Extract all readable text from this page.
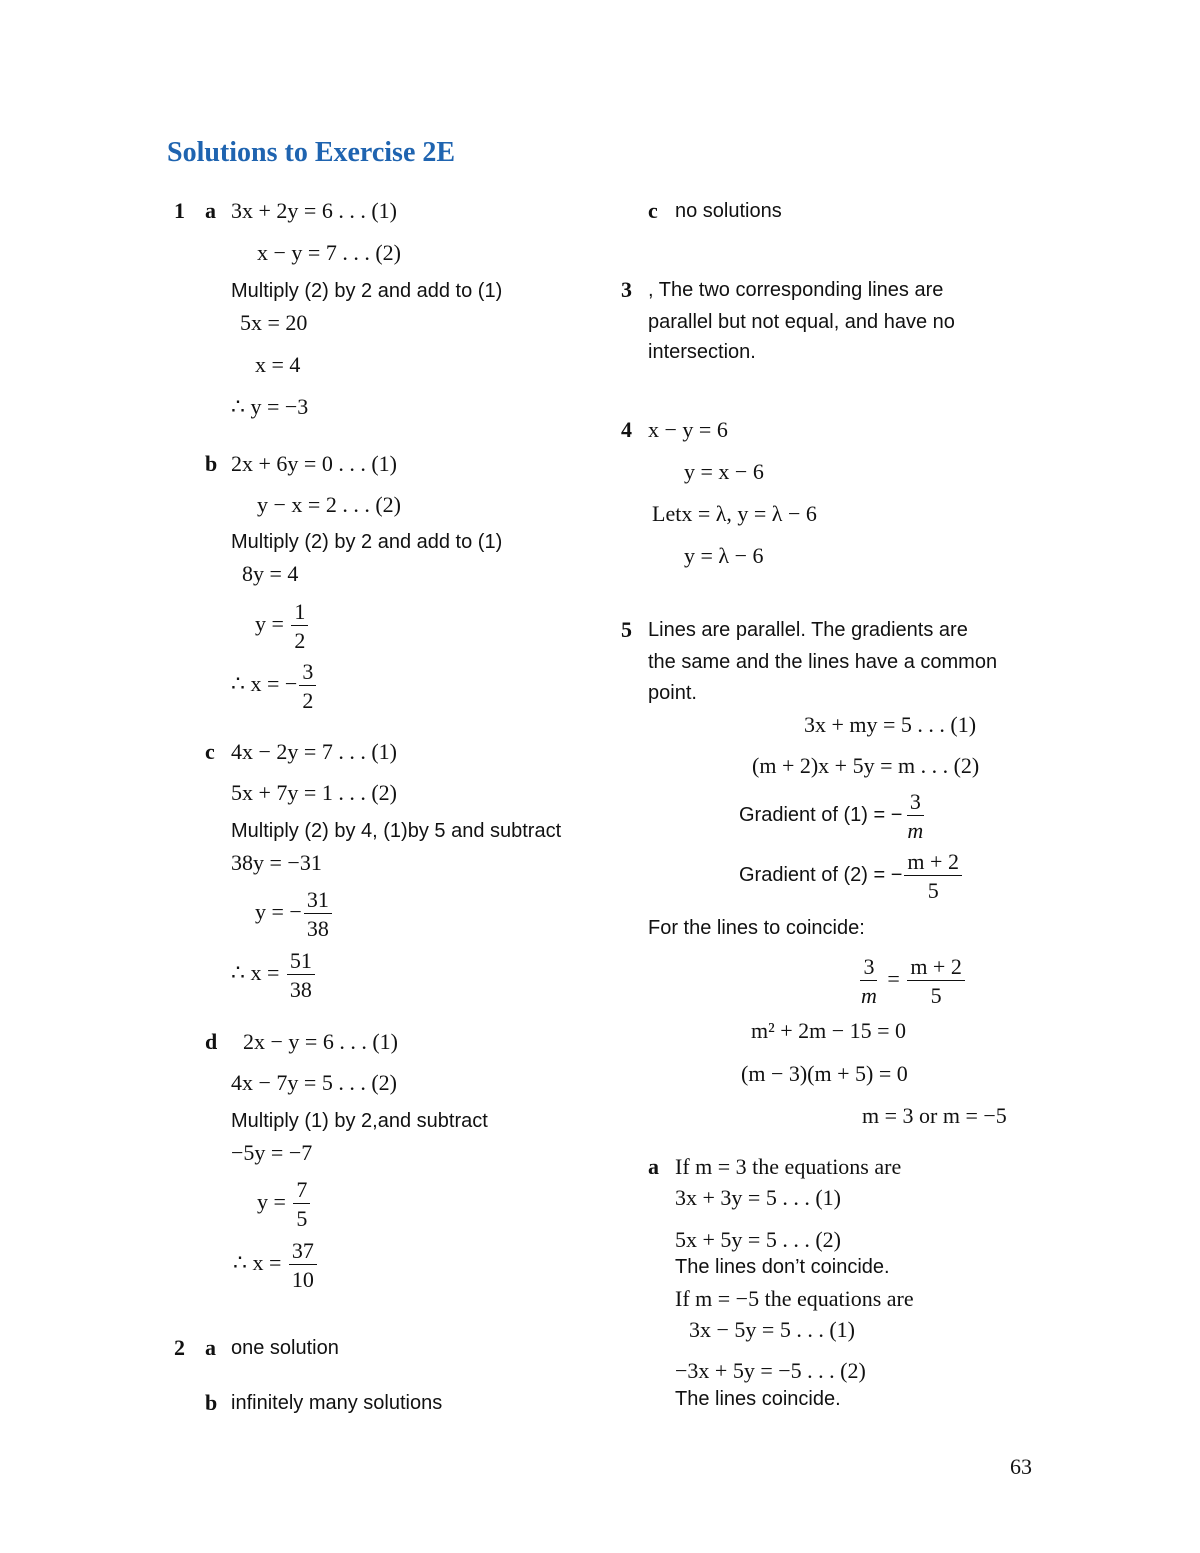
Solutions to Exercise 2E
1 a 3x + 2y = 6 . . . (1)
x − y = 7 . . . (2)
Multiply (2) by 2 and add to (1)
5x = 20
x = 4
∴ y = −3
b 2x + 6y = 0 . . . (1)
y − x = 2 . . . (2)
Multiply (2) by 2 and add to (1)
8y = 4
$y = \frac{1}{2}$
∴ x = − $\frac{3}{2}$
c 4x − 2y = 7 . . . (1)
5x + 7y = 1 . . . (2)
Multiply (2) by 4, (1)by 5 and subtract
38y = −31
y = − $\frac{31}{38}$
∴ $x = \frac{51}{38}$
d 2x − y = 6 . . . (1)
4x − 7y = 5 . . . (2)
Multiply (1) by 2,and subtract
−5y = −7
$y = \frac{7}{5}$
∴ $x = \frac{37}{10}$
2 a one solution
b infinitely many solutions
c no solutions
3 , The two corresponding lines are
parallel but not equal, and have no
intersection.
4 x − y = 6
y = x − 6
Letx = λ, y = λ − 6
y = λ − 6
5 Lines are parallel. The gradients are
the same and the lines have a common
point.
3x + my = 5 . . . (1)
(m + 2)x + 5y = m . . . (2)
Gradient of (1) = − $\frac{3}{m}$
Gradient of (2) = − $\frac{m + 2}{5}$
For the lines to coincide:
$\frac{3}{m} = \frac{m + 2}{5}$
m² + 2m − 15 = 0
(m − 3)(m + 5) = 0
m = 3 or m = −5
a If m = 3 the equations are
3x + 3y = 5 . . . (1)
5x + 5y = 5 . . . (2)
The lines don’t coincide.
If m = −5 the equations are
3x − 5y = 5 . . . (1)
−3x + 5y = −5 . . . (2)
The lines coincide.
63
